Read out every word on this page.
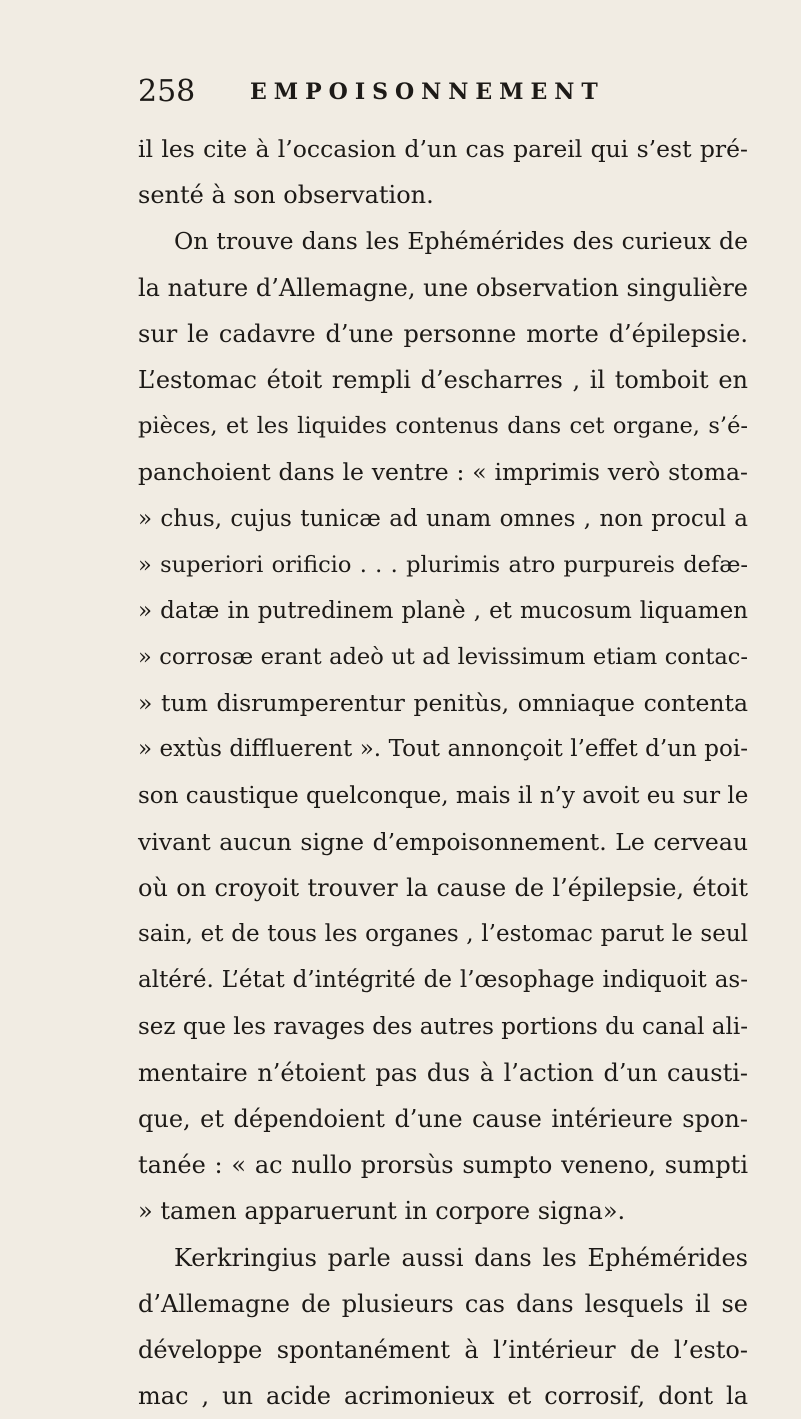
258 EMPOISONNEMENT
il les cite à l’occasion d’un cas pareil qui s’est pré-
senté à son observation.
On trouve dans les Ephémérides des curieux de
la nature d’Allemagne, une observation singulière
sur le cadavre d’une personne morte d’épilepsie.
L’estomac étoit rempli d’escharres , il tomboit en
pièces, et les liquides contenus dans cet organe, s’é-
panchoient dans le ventre : « imprimis verò stoma-
» chus, cujus tunicæ ad unam omnes , non procul a
» superiori orificio . . . plurimis atro purpureis defæ-
» datæ in putredinem planè , et mucosum liquamen
» corrosæ erant adeò ut ad levissimum etiam contac-
» tum disrumperentur penitùs, omniaque contenta
» extùs diffluerent ». Tout annonçoit l’effet d’un poi-
son caustique quelconque, mais il n’y avoit eu sur le
vivant aucun signe d’empoisonnement. Le cerveau
où on croyoit trouver la cause de l’épilepsie, étoit
sain, et de tous les organes , l’estomac parut le seul
altéré. L’état d’intégrité de l’œsophage indiquoit as-
sez que les ravages des autres portions du canal ali-
mentaire n’étoient pas dus à l’action d’un causti-
que, et dépendoient d’une cause intérieure spon-
tanée : « ac nullo prorsùs sumpto veneno, sumpti
» tamen apparuerunt in corpore signa».
Kerkringius parle aussi dans les Ephémérides
d’Allemagne de plusieurs cas dans lesquels il se
développe spontanément à l’intérieur de l’esto-
mac , un acide acrimonieux et corrosif, dont la
